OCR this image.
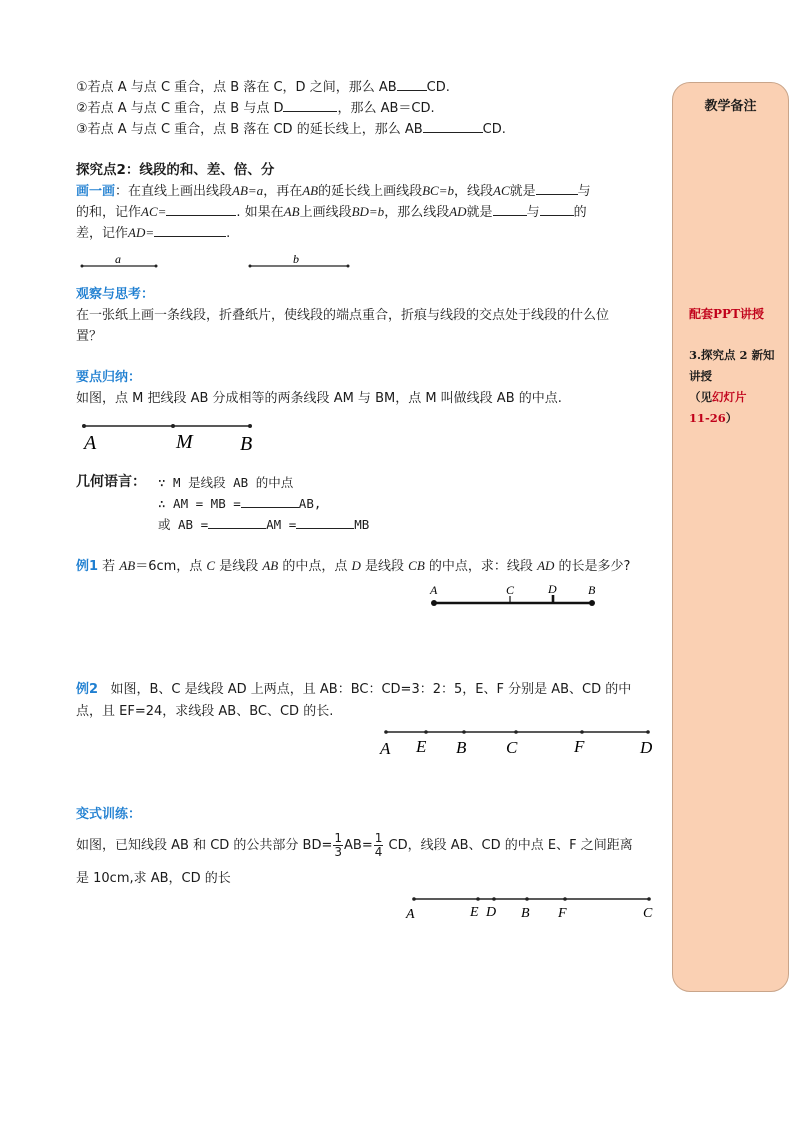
①若点 A 与点 C 重合，点 B 落在 C，D 之间，那么 AB CD.
②若点 A 与点 C 重合，点 B 与点 D	，那么 AB＝CD.
③若点 A 与点 C 重合，点 B 落在 CD 的延长线上，那么 AB	CD.
探究点2：线段的和、差、倍、分
画一画：在直线上画出线段AB=a，再在AB的延长线上画线段BC=b，线段AC就是	与
的和，记作AC=	. 如果在AB上画线段BD=b，那么线段AD就是	与	的
差，记作AD=	.
a	b
观察与思考：
在一张纸上画一条线段，折叠纸片，使线段的端点重合，折痕与线段的交点处于线段的什么位
置？
要点归纳：
如图，点 M 把线段 AB 分成相等的两条线段 AM 与 BM，点 M 叫做线段 AB 的中点.
A	M B
几何语言： ∵ M 是线段 AB 的中点
∴ AM = MB =	AB,
或 AB =	AM =	MB
例1 若 AB＝6cm，点 C 是线段 AB 的中点，点 D 是线段 CB 的中点，求：线段 AD 的长是多少?
A	C	D	B
例2 如图，B、C 是线段 AD 上两点，且 AB：BC：CD=3：2：5，E、F 分别是 AB、CD 的中
点，且 EF=24，求线段 AB、BC、CD 的长.
A E B C	F	D
变式训练：
如图，已知线段 AB 和 CD 的公共部分 $BD= \frac{1}{3} AB= \frac{1}{4}$ CD，线段 AB、CD 的中点 E、F 之间距离
是 10cm,求 AB，CD 的长
A	E D B F	C
教学备注
配套PPT讲授
3.探究点 2 新知讲授
（见幻灯片
11-26）
